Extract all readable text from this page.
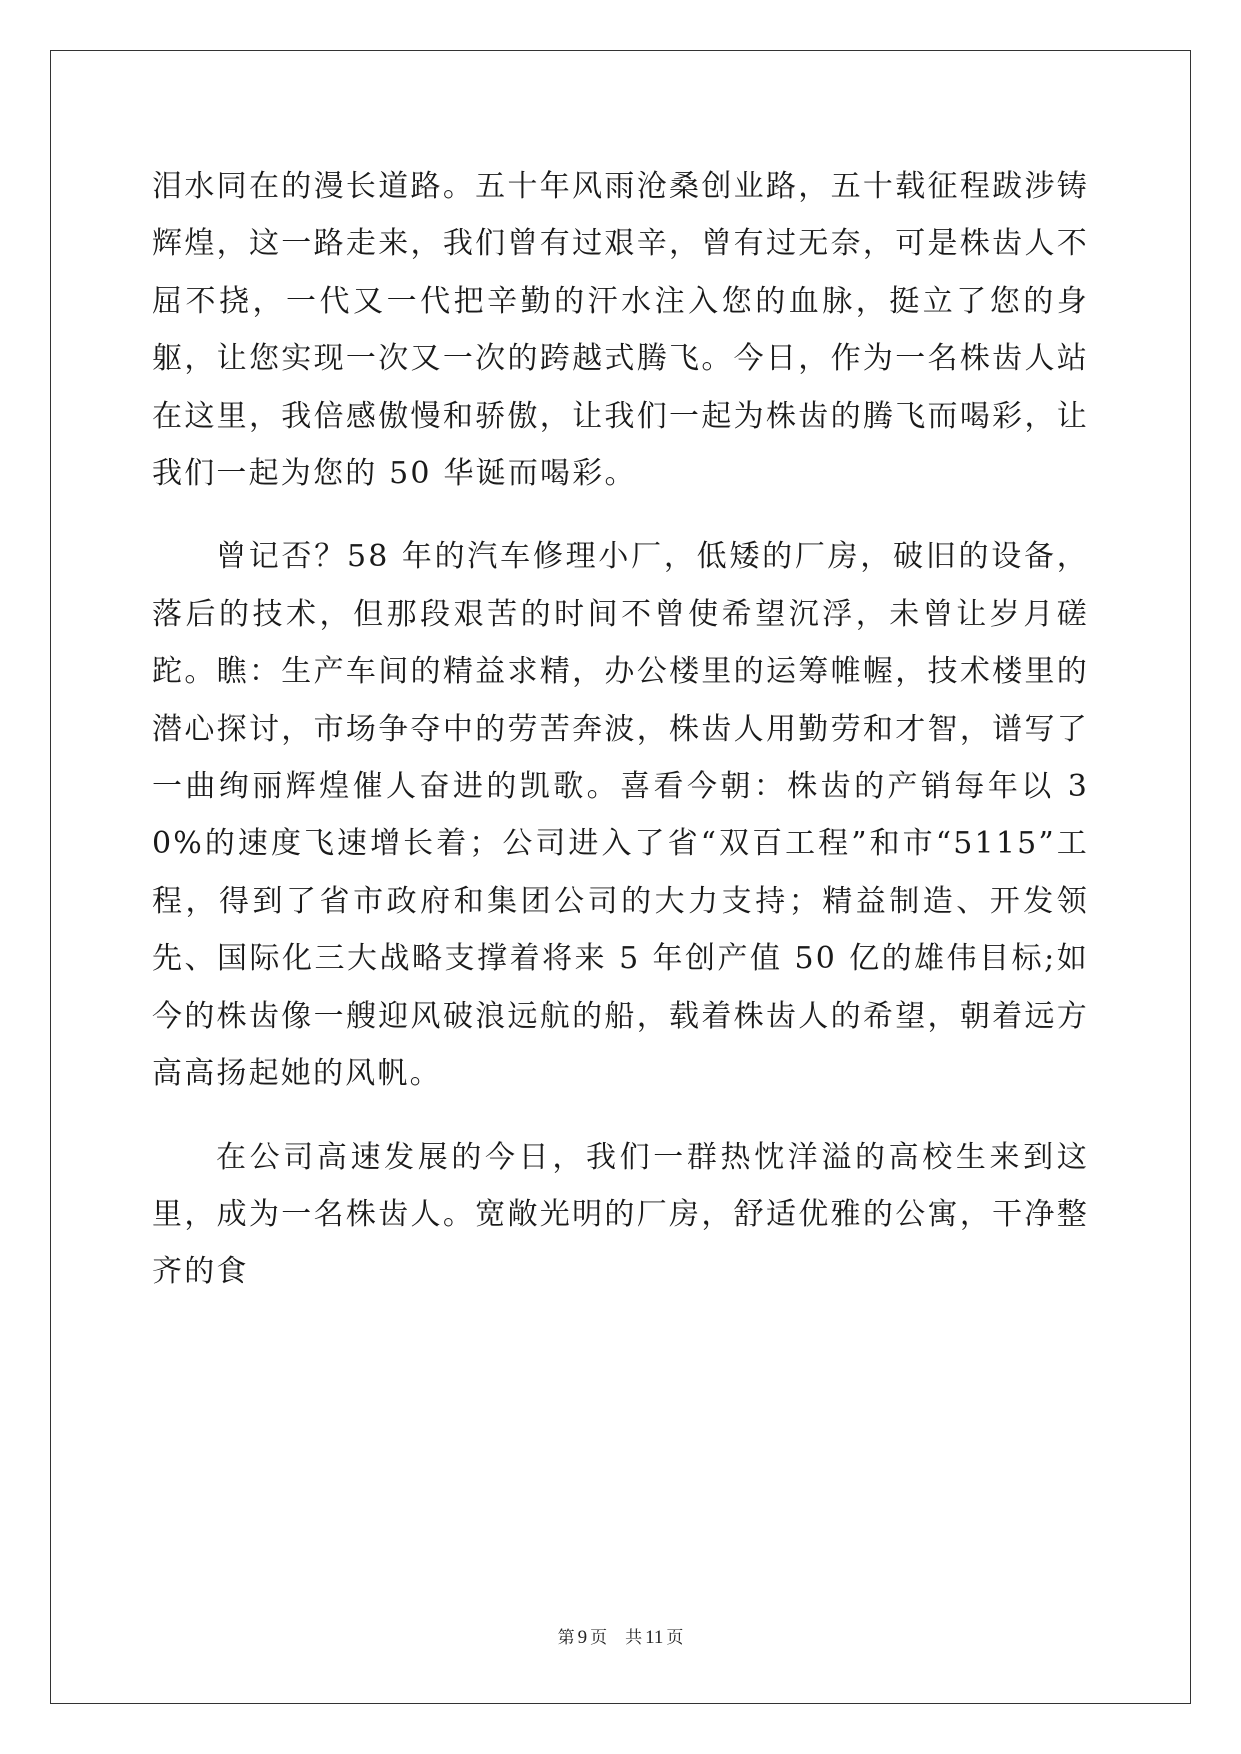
泪水同在的漫长道路。五十年风雨沧桑创业路，五十载征程跋涉铸辉煌，这一路走来，我们曾有过艰辛，曾有过无奈，可是株齿人不屈不挠，一代又一代把辛勤的汗水注入您的血脉，挺立了您的身躯，让您实现一次又一次的跨越式腾飞。今日，作为一名株齿人站在这里，我倍感傲慢和骄傲，让我们一起为株齿的腾飞而喝彩，让我们一起为您的 50 华诞而喝彩。

曾记否？58 年的汽车修理小厂，低矮的厂房，破旧的设备，落后的技术，但那段艰苦的时间不曾使希望沉浮，未曾让岁月磋跎。瞧：生产车间的精益求精，办公楼里的运筹帷幄，技术楼里的潜心探讨，市场争夺中的劳苦奔波，株齿人用勤劳和才智，谱写了一曲绚丽辉煌催人奋进的凯歌。喜看今朝：株齿的产销每年以 30%的速度飞速增长着；公司进入了省“双百工程”和市“5115”工程，得到了省市政府和集团公司的大力支持；精益制造、开发领先、国际化三大战略支撑着将来 5 年创产值 50 亿的雄伟目标;如今的株齿像一艘迎风破浪远航的船，载着株齿人的希望，朝着远方高高扬起她的风帆。

在公司高速发展的今日，我们一群热忱洋溢的高校生来到这里，成为一名株齿人。宽敞光明的厂房，舒适优雅的公寓，干净整齐的食

第 9 页 共 11 页
